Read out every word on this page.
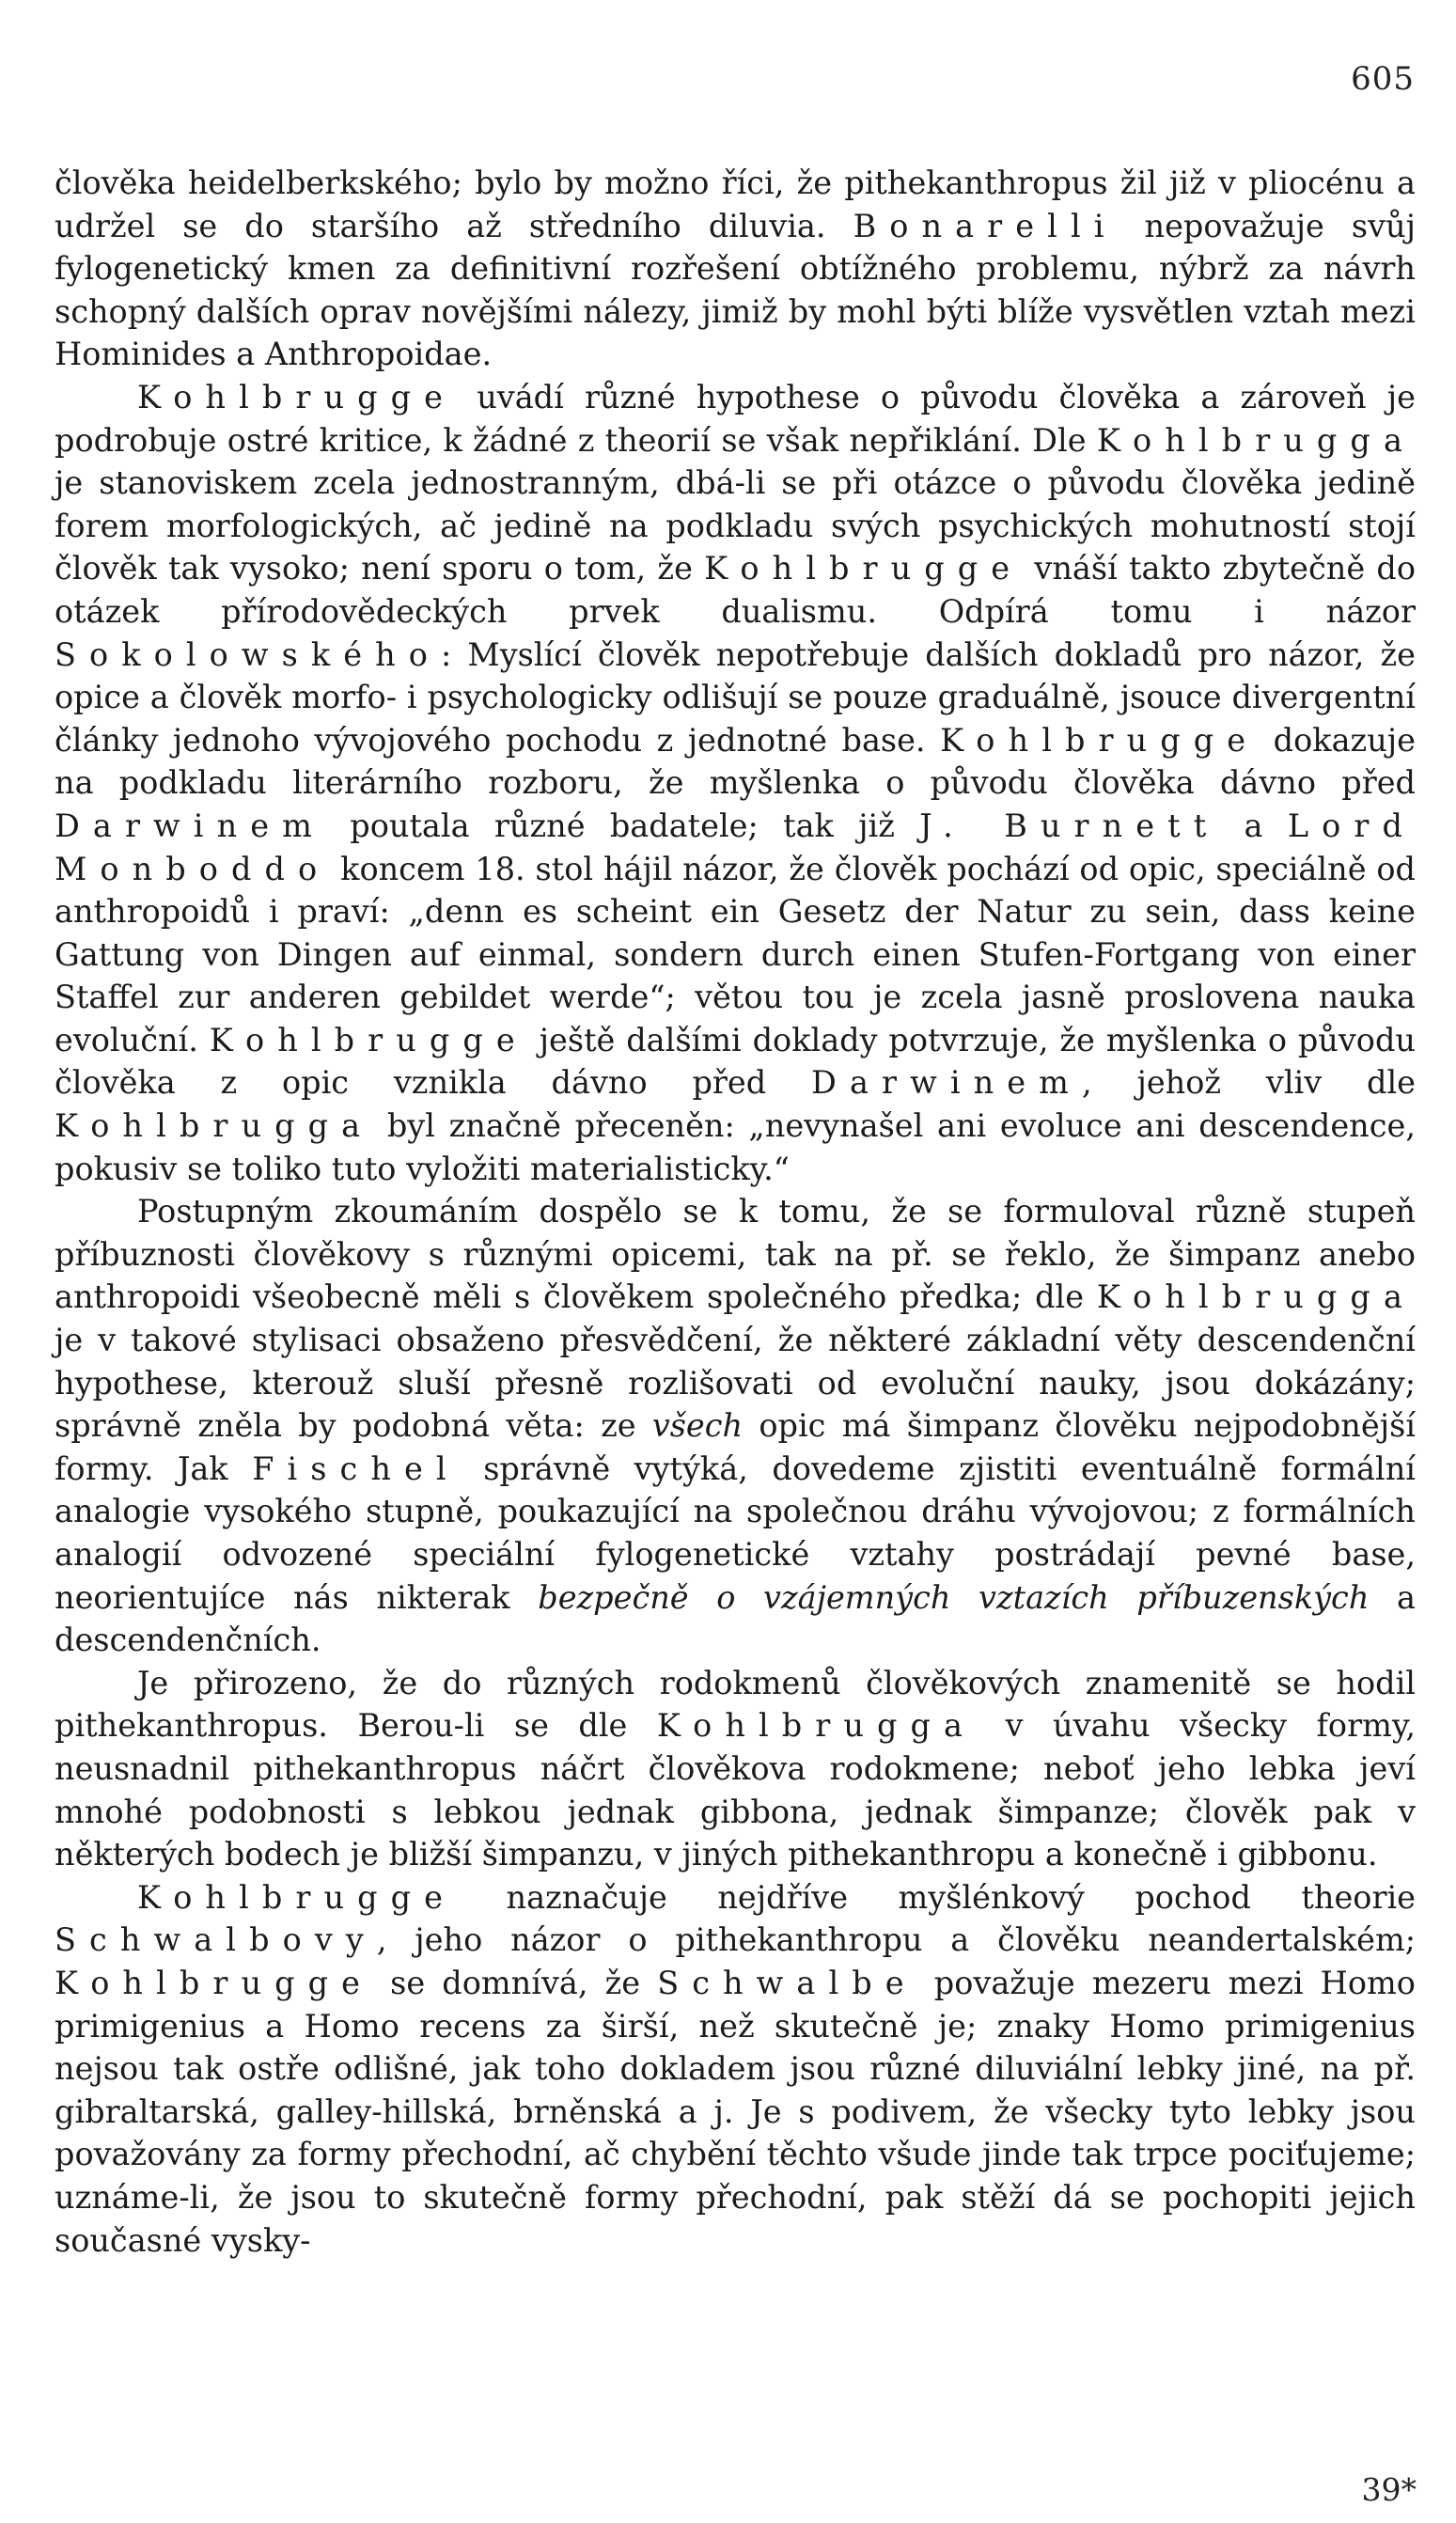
605

člověka heidelberkského; bylo by možno říci, že pithekanthropus žil již v pliocénu a udržel se do staršího až středního diluvia. Bonarelli nepovažuje svůj fylogenetický kmen za definitivní rozřešení obtížného problemu, nýbrž za návrh schopný dalších oprav novějšími nálezy, jimiž by mohl býti blíže vysvětlen vztah mezi Hominides a Anthropoidae.

Kohlbrugge uvádí různé hypothese o původu člověka a zároveň je podrobuje ostré kritice, k žádné z theorií se však nepřiklání. Dle Kohlbrugga je stanoviskem zcela jednostranným, dbá-li se při otázce o původu člověka jedině forem morfologických, ač jedině na podkladu svých psychických mohutností stojí člověk tak vysoko; není sporu o tom, že Kohlbrugge vnáší takto zbytečně do otázek přírodovědeckých prvek dualismu. Odpírá tomu i názor Sokolowského: Myslící člověk nepotřebuje dalších dokladů pro názor, že opice a člověk morfo- i psychologicky odlišují se pouze graduálně, jsouce divergentní články jednoho vývojového pochodu z jednotné base. Kohlbrugge dokazuje na podkladu literárního rozboru, že myšlenka o původu člověka dávno před Darwinem poutala různé badatele; tak již J. Burnett a Lord Monboddo koncem 18. stol hájil názor, že člověk pochází od opic, speciálně od anthropoidů i praví: „denn es scheint ein Gesetz der Natur zu sein, dass keine Gattung von Dingen auf einmal, sondern durch einen Stufen-Fortgang von einer Staffel zur anderen gebildet werde“; větou tou je zcela jasně proslovena nauka evoluční. Kohlbrugge ještě dalšími doklady potvrzuje, že myšlenka o původu člověka z opic vznikla dávno před Darwinem, jehož vliv dle Kohlbrugga byl značně přeceněn: „nevynašel ani evoluce ani descendence, pokusiv se toliko tuto vyložiti materialisticky.“

Postupným zkoumáním dospělo se k tomu, že se formuloval různě stupeň příbuznosti člověkovy s různými opicemi, tak na př. se řeklo, že šimpanz anebo anthropoidi všeobecně měli s člověkem společného předka; dle Kohlbrugga je v takové stylisaci obsaženo přesvědčení, že některé základní věty descendenční hypothese, kterouž sluší přesně rozlišovati od evoluční nauky, jsou dokázány; správně zněla by podobná věta: ze všech opic má šimpanz člověku nejpodobnější formy. Jak Fischel správně vytýká, dovedeme zjistiti eventuálně formální analogie vysokého stupně, poukazující na společnou dráhu vývojovou; z formálních analogií odvozené speciální fylogenetické vztahy postrádají pevné base, neorientujíce nás nikterak bezpečně o vzájemných vztazích příbuzenských a descendenčních.

Je přirozeno, že do různých rodokmenů člověkových znamenitě se hodil pithekanthropus. Berou-li se dle Kohlbrugga v úvahu všecky formy, neusnadnil pithekanthropus náčrt člověkova rodokmene; neboť jeho lebka jeví mnohé podobnosti s lebkou jednak gibbona, jednak šimpanze; člověk pak v některých bodech je bližší šimpanzu, v jiných pithekanthropu a konečně i gibbonu.

Kohlbrugge naznačuje nejdříve myšlénkový pochod theorie Schwalbovy, jeho názor o pithekanthropu a člověku neandertalském; Kohlbrugge se domnívá, že Schwalbe považuje mezeru mezi Homo primigenius a Homo recens za širší, než skutečně je; znaky Homo primigenius nejsou tak ostře odlišné, jak toho dokladem jsou různé diluviální lebky jiné, na př. gibraltarská, galley-hillská, brněnská a j. Je s podivem, že všecky tyto lebky jsou považovány za formy přechodní, ač chybění těchto všude jinde tak trpce pociťujeme; uznáme-li, že jsou to skutečně formy přechodní, pak stěží dá se pochopiti jejich současné vysky-

39*
